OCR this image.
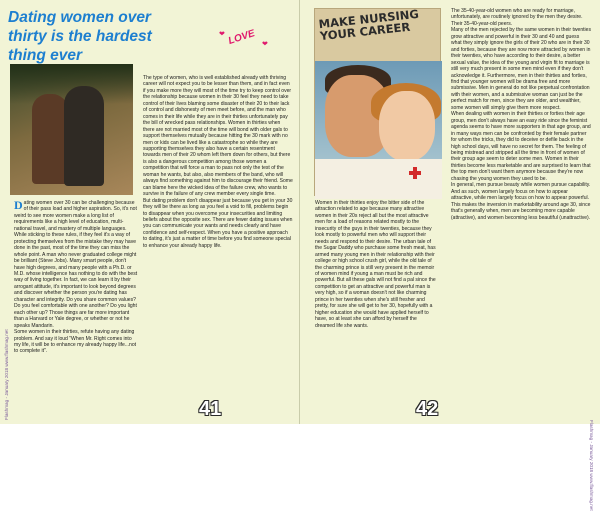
Flashmag - January 2018 www.flashmag.net
Dating women over thirty is the hardest thing ever
LOVE
❤
❤

Dating women over 30 can be challenging because of their pass load and higher aspiration. So, it's not weird to see more women make a long list of requirements like a high level of education, multi-national travel, and mastery of multiple languages.

While sticking to these rules, if they feel it's a way of protecting themselves from the mistake they may have done in the past, most of the time they can miss the whole point. A man who never graduated college might be brilliant (Steve Jobs). Many smart people, don't have high degrees, and many people with a Ph.D. or M.D. whose intelligence has nothing to do with the best way of living together. In fact, we can learn it by their arrogant attitude, it's important to look beyond degrees and discover whether the person you're dating has character and integrity. Do you share common values? Do you feel comfortable with one another? Do you light each other up? Those things are far more important than a Harvard or Yale degree, or whether or not he speaks Mandarin.

Some women in their thirties, refute having any dating problem. And say it loud "When Mr. Right comes into my life, it will be to enhance my already happy life...not to complete it".

The type of women, who is well established already with thriving career will not expect you to be lesser than them, and in fact even if you make more they will most of the time try to keep control over the relationship because women in their 30 feel they need to take control of their lives blaming some disaster of their 20 to their lack of control and dishonesty of men meet before, and the man who comes in their life while they are in their thirties unfortunately pay the bill of wrecked pass relationships. Women in thirties when there are not married most of the time will bond with older gals to support themselves mutually because hitting the 30 mark with no men or kids can be lived like a catastrophe so while they are supporting themselves they also have a certain resentment towards men of their 20 whom left them down for others, but there is also a dangerous competition among those women a competition that will force a man to pass not only the test of the woman he wants, but also, also members of the band, who will always find something against him to discourage their friend. Some can blame here the wicked idea of the failure crew, who wants to survive in the failure of any crew member every single time.

But dating problem don't disappear just because you get in your 30 they will be there as long as you feel a void to fill, problems begin to disappear when you overcome your insecurities and limiting beliefs about the opposite sex. There are fewer dating issues when you can communicate your wants and needs clearly and have confidence and self-respect. When you have a positive approach to dating, it's just a matter of time before you find someone special to enhance your already happy life.

41
MAKE NURSING YOUR CAREER

Women in their thirties enjoy the bitter side of the attraction related to age because many attractive women in their 20s reject all but the most attractive men for a load of reasons related mostly to the insecurity of the guys in their twenties, because they look mostly to powerful men who will support their needs and respond to their desire. The urban tale of the Sugar Daddy who purchase some fresh meat, has armed many young men in their relationship with their college or high school crush girl, while the old tale of the charming prince is still very present in the memoir of women mind if young a man must be rich and powerful. But all these gals will not find a pal since the competition to get an attractive and powerful man is very high, so if a woman doesn't not like charming prince in her twenties when she's still fresher and pretty, for sure she will get to her 30, hopefully with a higher education she would have applied herself to have, so at least she can afford by herself the dreamed life she wants.

The 35-40-year-old women who are ready for marriage, unfortunately, are routinely ignored by the men they desire. Their 35-40-year-old peers.

Many of the men rejected by the same women in their twenties grow attractive and powerful in their 30 and 40 and guess what they simply ignore the girls of their 20 who are in their 30 and forties, because they are now more attracted by women in their twenties, who have according to their desire, a better sexual value, the idea of the young and virgin fit to marriage is still very much present in some men mind even if they don't acknowledge it. Furthermore, men in their thirties and forties, find that younger women will be drama free and more submissive. Men in general do not like perpetual confrontation with their women, and a submissive woman can just be the perfect match for men, since they are older, and wealthier, some women will simply give them more respect.

When dealing with women in their thirties or forties their age group, men don't always have an easy ride since the feminist agenda seems to have more supporters in that age group, and in many ways men can be confronted by their female partner for whom the tricks, they did to deceive or defile back in the high school days, will have no secret for them. The feeling of being mistread and stripped all the time in front of women of their group age seem to deter some men. Women in their thirties become less marketable and are surprised to learn that the top men don't want them anymore because they're now chasing the young women they used to be.

In general, men pursue beauty while women pursue capability. And as such, women largely focus on how to appear attractive, while men largely focus on how to appear powerful. This makes the inversion in marketability around age 30, since that's generally when, men are becoming more capable (attractive), and women becoming less beautiful (unattractive).

42
Flashmag - January 2018 www.flashmag.net
